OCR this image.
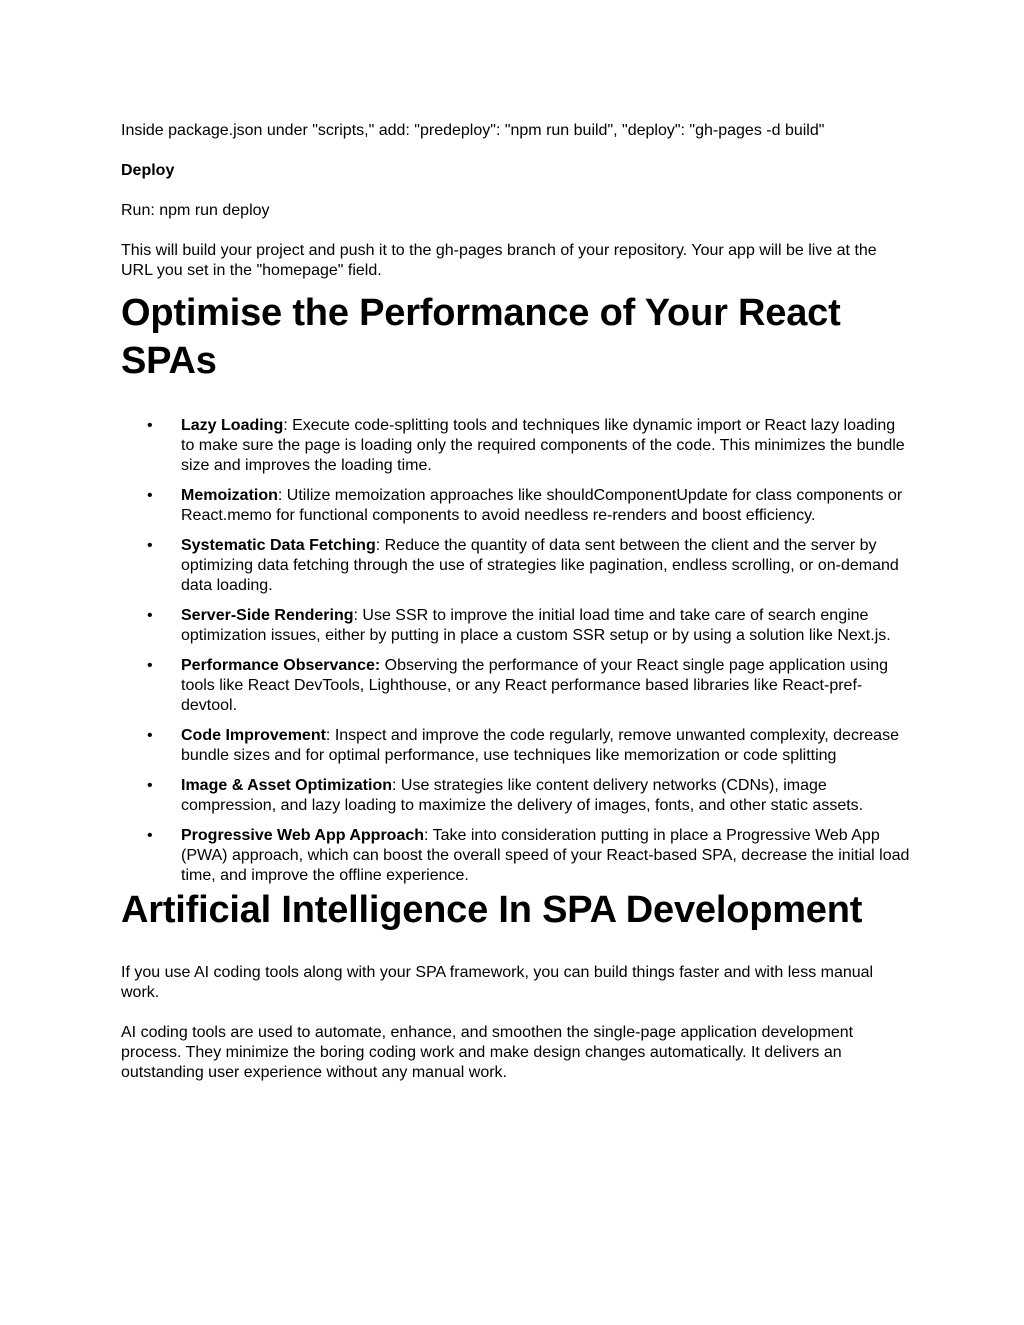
Inside package.json under "scripts," add: "predeploy": "npm run build", "deploy": "gh-pages -d build"

Deploy

Run: npm run deploy

This will build your project and push it to the gh-pages branch of your repository. Your app will be live at the URL you set in the "homepage" field.

Optimise the Performance of Your React SPAs
• Lazy Loading: Execute code-splitting tools and techniques like dynamic import or React lazy loading to make sure the page is loading only the required components of the code. This minimizes the bundle size and improves the loading time.
• Memoization: Utilize memoization approaches like shouldComponentUpdate for class components or React.memo for functional components to avoid needless re-renders and boost efficiency.
• Systematic Data Fetching: Reduce the quantity of data sent between the client and the server by optimizing data fetching through the use of strategies like pagination, endless scrolling, or on-demand data loading.
• Server-Side Rendering: Use SSR to improve the initial load time and take care of search engine optimization issues, either by putting in place a custom SSR setup or by using a solution like Next.js.
• Performance Observance: Observing the performance of your React single page application using tools like React DevTools, Lighthouse, or any React performance based libraries like React-pref-devtool.
• Code Improvement: Inspect and improve the code regularly, remove unwanted complexity, decrease bundle sizes and for optimal performance, use techniques like memorization or code splitting
• Image & Asset Optimization: Use strategies like content delivery networks (CDNs), image compression, and lazy loading to maximize the delivery of images, fonts, and other static assets.
• Progressive Web App Approach: Take into consideration putting in place a Progressive Web App (PWA) approach, which can boost the overall speed of your React-based SPA, decrease the initial load time, and improve the offline experience.
Artificial Intelligence In SPA Development

If you use AI coding tools along with your SPA framework, you can build things faster and with less manual work.

AI coding tools are used to automate, enhance, and smoothen the single-page application development process. They minimize the boring coding work and make design changes automatically. It delivers an outstanding user experience without any manual work.
